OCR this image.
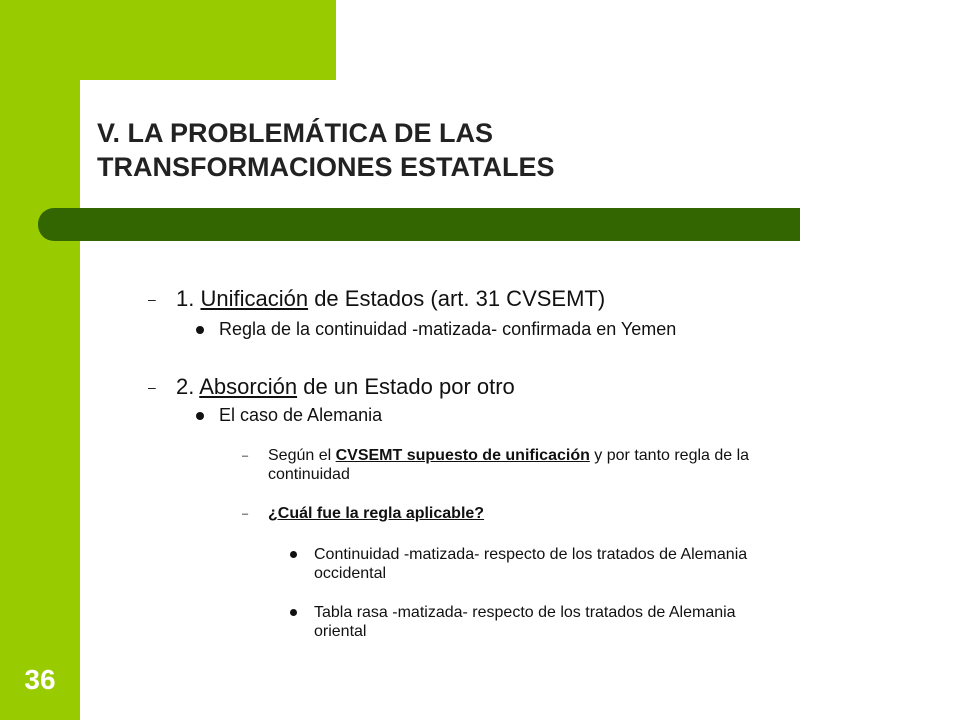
V. LA PROBLEMÁTICA DE LAS
TRANSFORMACIONES ESTATALES
– 1. Unificación de Estados (art. 31 CVSEMT)
Regla de la continuidad -matizada- confirmada en Yemen
– 2. Absorción de un Estado por otro
El caso de Alemania
– Según el CVSEMT supuesto de unificación y por tanto regla de la
continuidad
– ¿Cuál fue la regla aplicable?
Continuidad -matizada- respecto de los tratados de Alemania
occidental
Tabla rasa -matizada- respecto de los tratados de Alemania
oriental
36
